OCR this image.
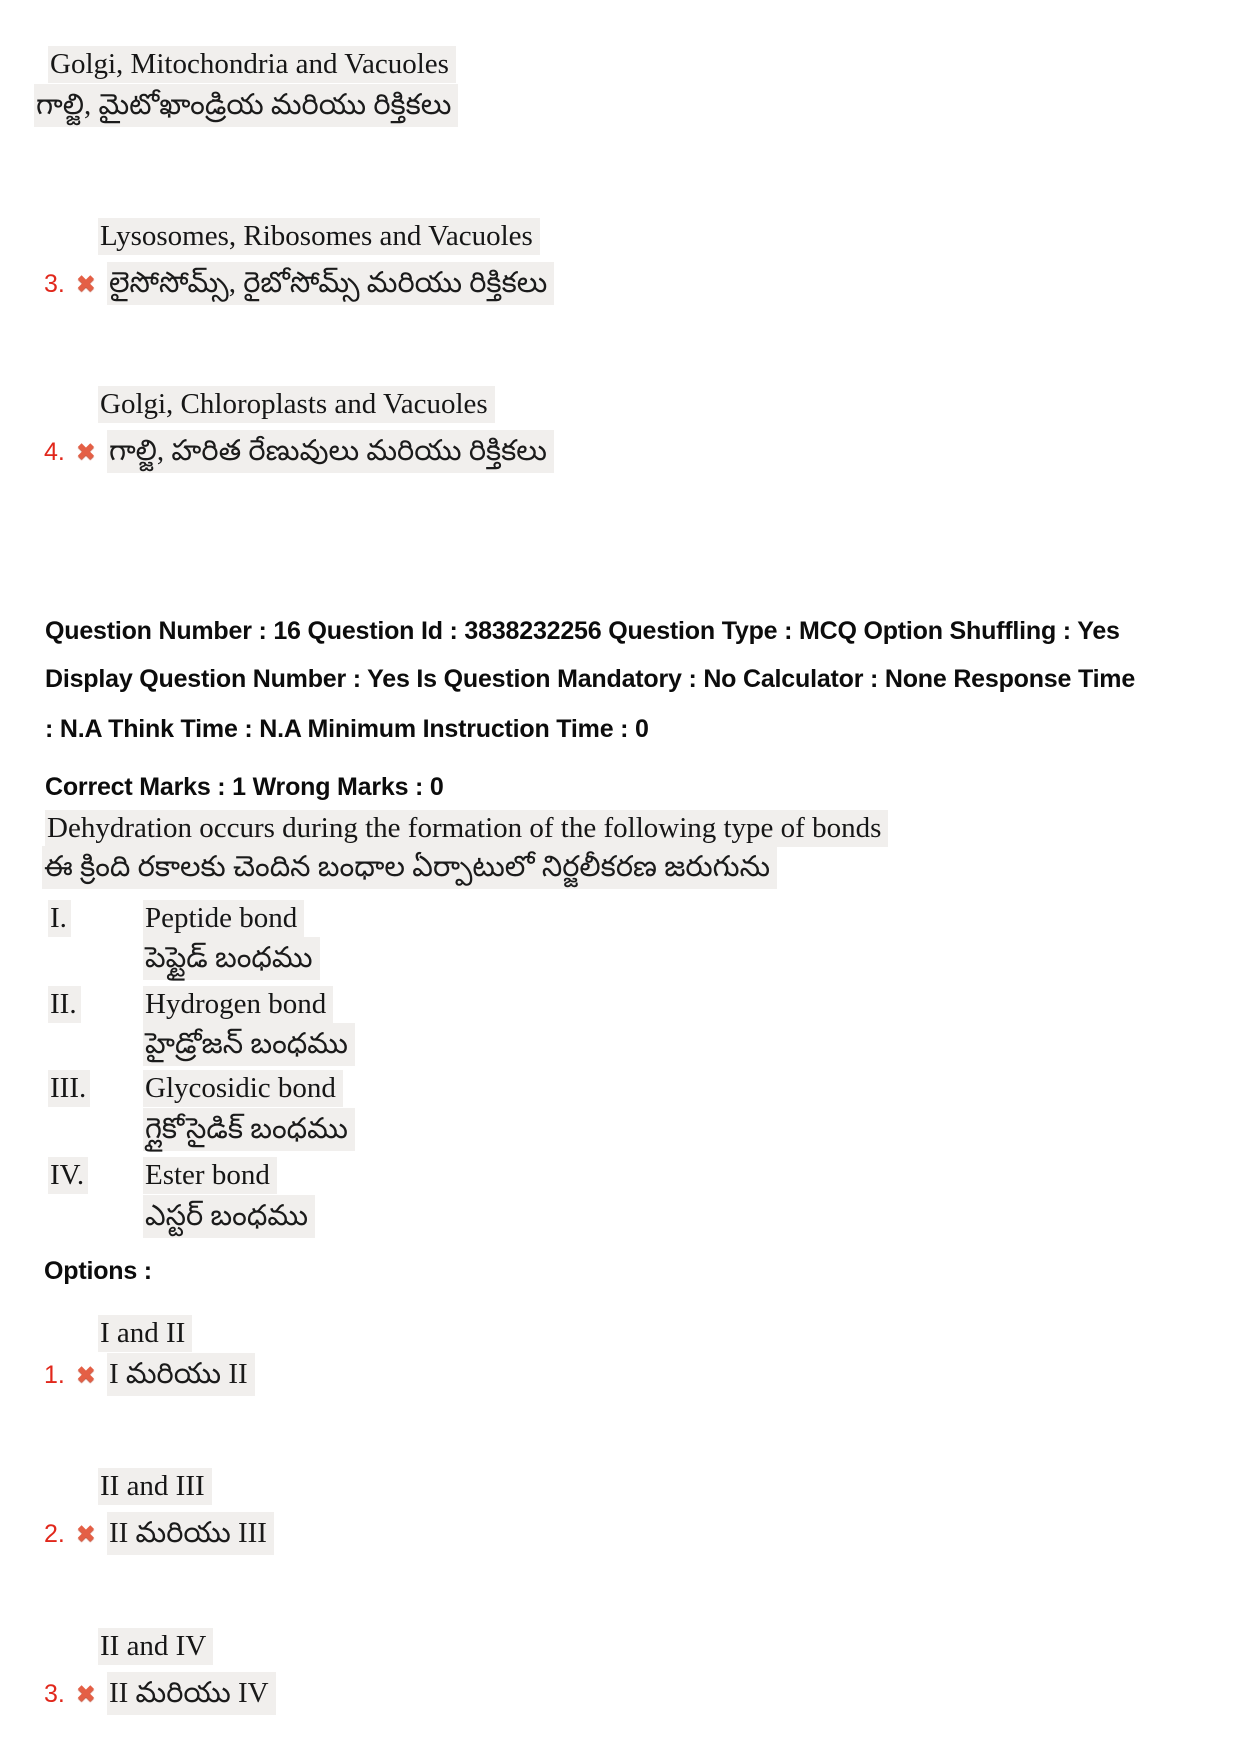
Golgi, Mitochondria and Vacuoles
గాల్జి, మైటోఖాండ్రియ మరియు రిక్తికలు
Lysosomes, Ribosomes and Vacuoles
3. ✖ లైసోసోమ్స్, రైబోసోమ్స్ మరియు రిక్తికలు
Golgi, Chloroplasts and Vacuoles
4. ✖ గాల్జి, హరిత రేణువులు మరియు రిక్తికలు
Question Number : 16 Question Id : 3838232256 Question Type : MCQ Option Shuffling : Yes
Display Question Number : Yes Is Question Mandatory : No Calculator : None Response Time
: N.A Think Time : N.A Minimum Instruction Time : 0
Correct Marks : 1 Wrong Marks : 0
Dehydration occurs during the formation of the following type of bonds
ఈ క్రింది రకాలకు చెందిన బంధాల ఏర్పాటులో నిర్జలీకరణ జరుగును
I.	Peptide bond
పెప్టైడ్ బంధము
II. Hydrogen bond
హైడ్రోజన్ బంధము
III. Glycosidic bond
గ్లైకోసైడిక్ బంధము
IV. Ester bond
ఎస్టర్ బంధము
Options :
I and II
1. ✖ I మరియు II
II and III
2. ✖ II మరియు III
II and IV
3. ✖ II మరియు IV
